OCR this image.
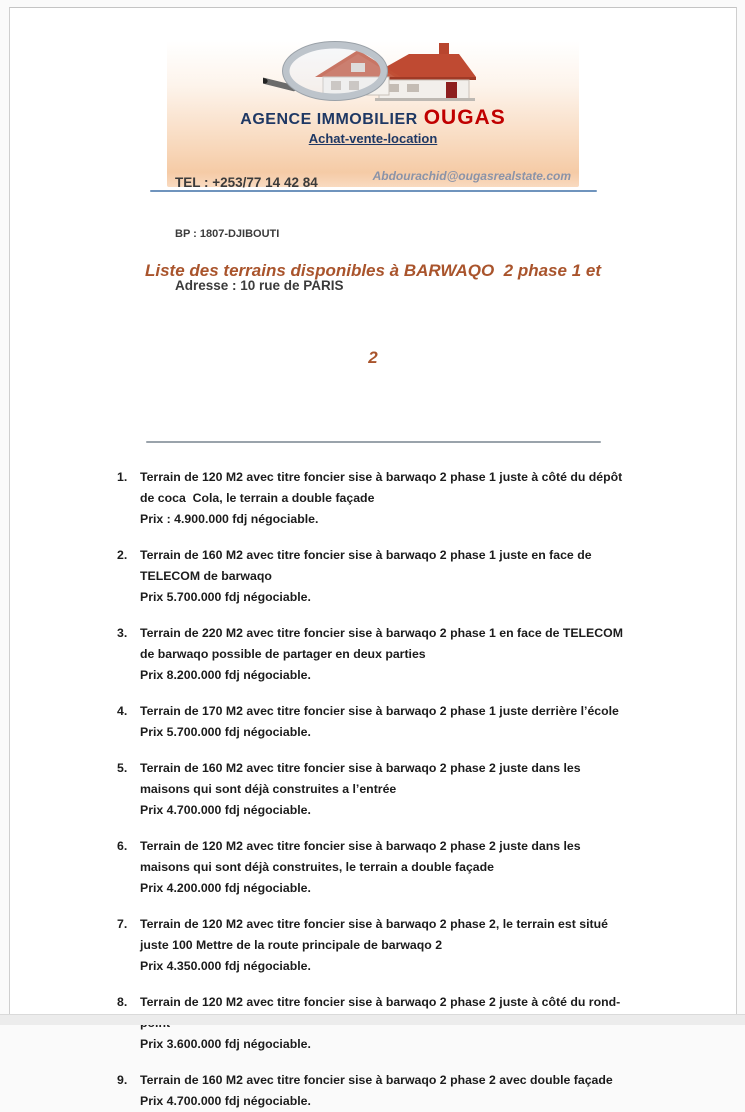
AGENCE IMMOBILIER OUGAS
Achat-vente-location

TEL : +253/77 14 42 84

BP : 1807-DJIBOUTI

Adresse : 10 rue de PARIS

Abdourachid@ougasrealstate.com

Liste des terrains disponibles à BARWAQO  2 phase 1 et

2

1.	Terrain de 120 M2 avec titre foncier sise à barwaqo 2 phase 1 juste à côté du dépôt
de coca  Cola, le terrain a double façade
Prix : 4.900.000 fdj négociable.
2.	Terrain de 160 M2 avec titre foncier sise à barwaqo 2 phase 1 juste en face de
TELECOM de barwaqo
Prix 5.700.000 fdj négociable.
3.	Terrain de 220 M2 avec titre foncier sise à barwaqo 2 phase 1 en face de TELECOM
de barwaqo possible de partager en deux parties
Prix 8.200.000 fdj négociable.
4.	Terrain de 170 M2 avec titre foncier sise à barwaqo 2 phase 1 juste derrière l’école
Prix 5.700.000 fdj négociable.
5.	Terrain de 160 M2 avec titre foncier sise à barwaqo 2 phase 2 juste dans les
maisons qui sont déjà construites a l’entrée
Prix 4.700.000 fdj négociable.
6.	Terrain de 120 M2 avec titre foncier sise à barwaqo 2 phase 2 juste dans les
maisons qui sont déjà construites, le terrain a double façade
Prix 4.200.000 fdj négociable.
7.	Terrain de 120 M2 avec titre foncier sise à barwaqo 2 phase 2, le terrain est situé
juste 100 Mettre de la route principale de barwaqo 2
Prix 4.350.000 fdj négociable.
8.	Terrain de 120 M2 avec titre foncier sise à barwaqo 2 phase 2 juste à côté du rond-
Prix 3.600.000 fdj négociable.
9.	Terrain de 160 M2 avec titre foncier sise à barwaqo 2 phase 2 avec double façade
Prix 4.700.000 fdj négociable.
